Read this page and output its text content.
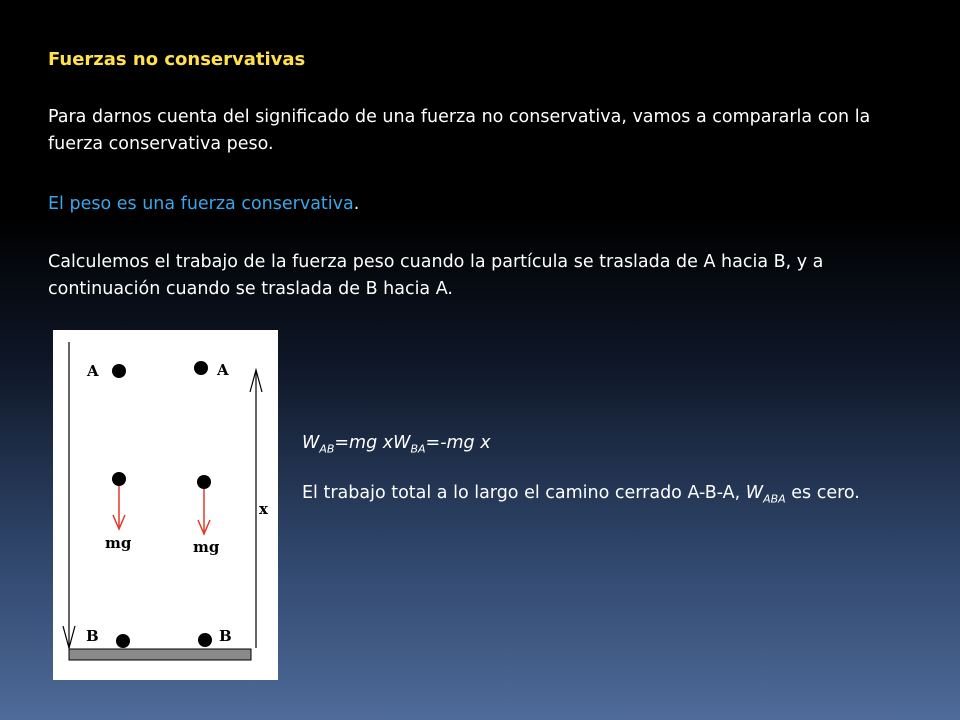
Fuerzas no conservativas
Para darnos cuenta del significado de una fuerza no conservativa, vamos a compararla con la fuerza conservativa peso.
El peso es una fuerza conservativa.
Calculemos el trabajo de la fuerza peso cuando la partícula se traslada de A hacia B, y a continuación cuando se traslada de B hacia A.
A	A
mg	mg
x
B	B
$W_{AB}=mg$ $xW_{BA}=-mg$ x
El trabajo total a lo largo el camino cerrado A-B-A, $W_{ABA}$ es cero.
